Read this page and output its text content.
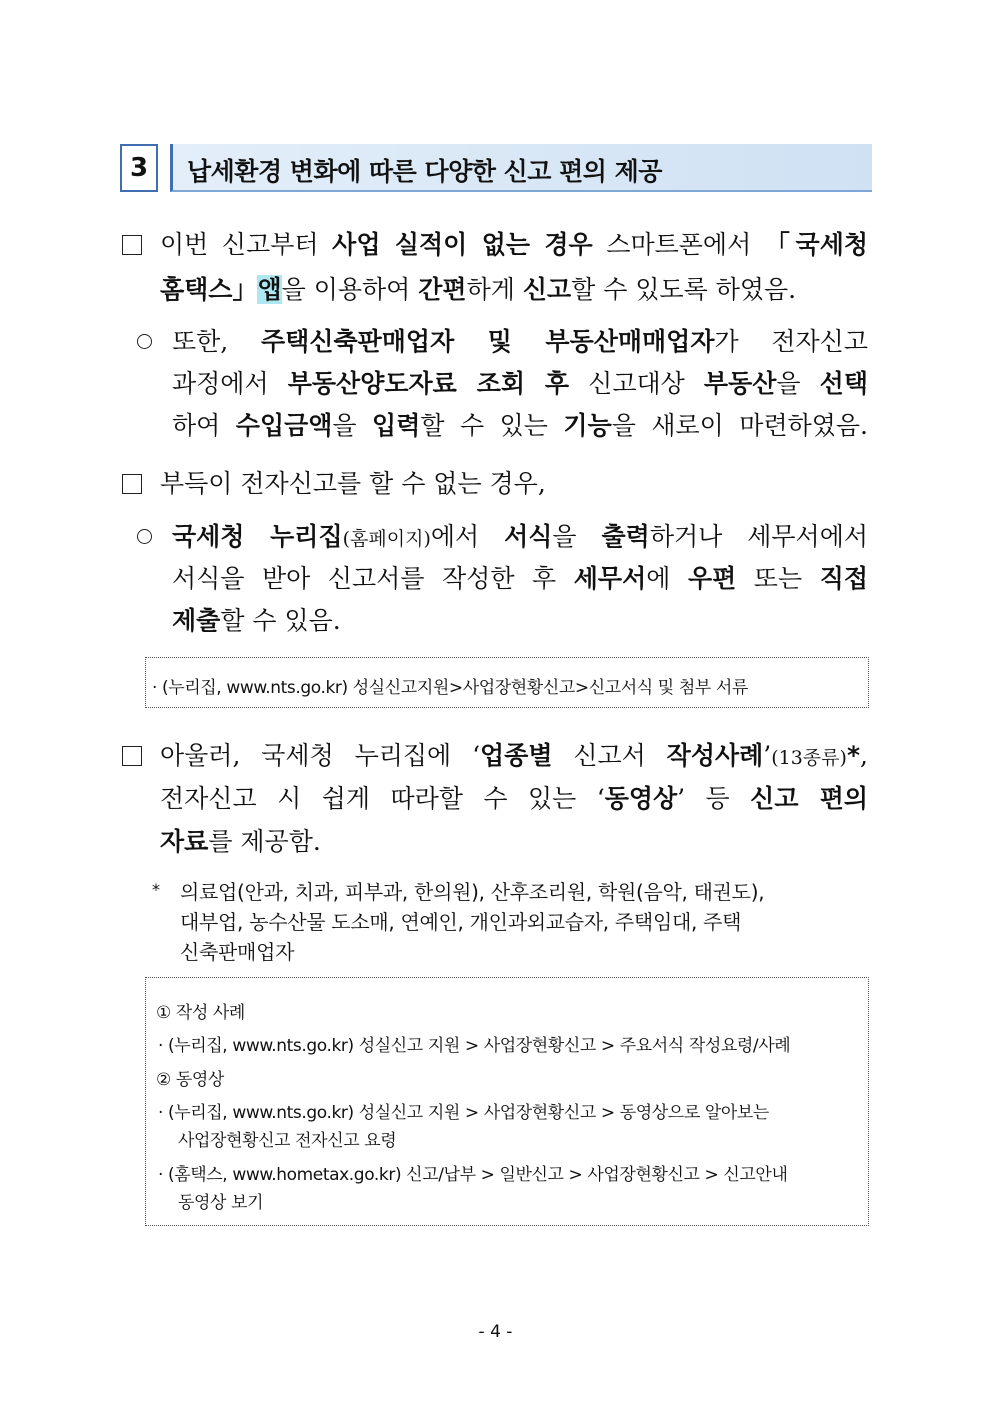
3	납세환경 변화에 따른 다양한 신고 편의 제공
이번 신고부터 사업 실적이 없는 경우 스마트폰에서 「국세청
홈택스」앱을 이용하여 간편하게 신고할 수 있도록 하였음.
또한, 주택신축판매업자 및 부동산매매업자가 전자신고
과정에서 부동산양도자료 조회 후 신고대상 부동산을 선택
하여 수입금액을 입력할 수 있는 기능을 새로이 마련하였음.
부득이 전자신고를 할 수 없는 경우,
국세청 누리집(홈페이지)에서 서식을 출력하거나 세무서에서
서식을 받아 신고서를 작성한 후 세무서에 우편 또는 직접
제출할 수 있음.
· (누리집, www.nts.go.kr) 성실신고지원>사업장현황신고>신고서식 및 첨부 서류
아울러, 국세청 누리집에 ‘업종별 신고서 작성사례’(13종류)*,
전자신고 시 쉽게 따라할 수 있는 ‘동영상’ 등 신고 편의
자료를 제공함.
* 의료업(안과, 치과, 피부과, 한의원), 산후조리원, 학원(음악, 태권도),
대부업, 농수산물 도소매, 연예인, 개인과외교습자, 주택임대, 주택
신축판매업자
① 작성 사례
· (누리집, www.nts.go.kr) 성실신고 지원 > 사업장현황신고 > 주요서식 작성요령/사례
② 동영상
· (누리집, www.nts.go.kr) 성실신고 지원 > 사업장현황신고 > 동영상으로 알아보는
사업장현황신고 전자신고 요령
· (홈택스, www.hometax.go.kr) 신고/납부 > 일반신고 > 사업장현황신고 > 신고안내
동영상 보기
- 4 -
